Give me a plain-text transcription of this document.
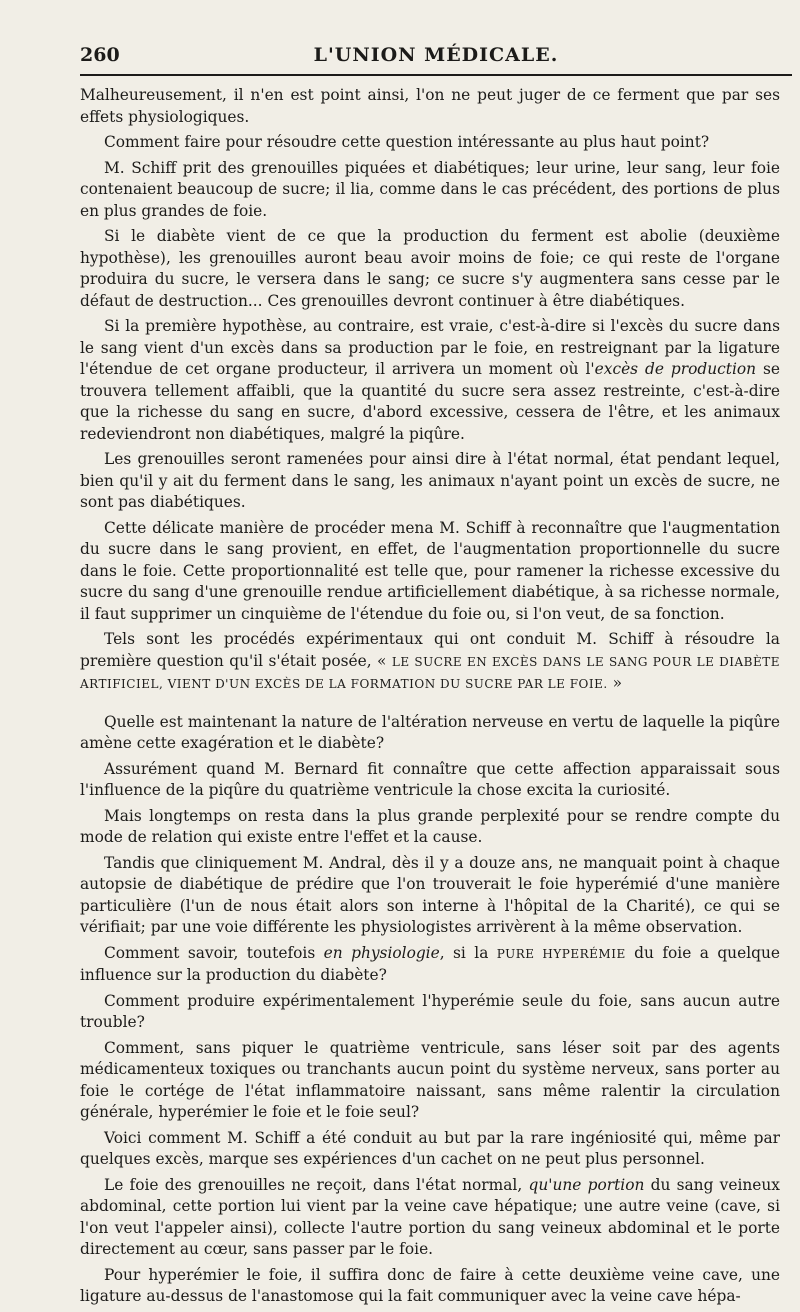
260	L'UNION MÉDICALE.

Malheureusement, il n'en est point ainsi, l'on ne peut juger de ce ferment que par ses effets physiologiques.

Comment faire pour résoudre cette question intéressante au plus haut point?

M. Schiff prit des grenouilles piquées et diabétiques; leur urine, leur sang, leur foie contenaient beaucoup de sucre; il lia, comme dans le cas précédent, des portions de plus en plus grandes de foie.

Si le diabète vient de ce que la production du ferment est abolie (deuxième hypothèse), les grenouilles auront beau avoir moins de foie; ce qui reste de l'organe produira du sucre, le versera dans le sang; ce sucre s'y augmentera sans cesse par le défaut de destruction... Ces grenouilles devront continuer à être diabétiques.

Si la première hypothèse, au contraire, est vraie, c'est-à-dire si l'excès du sucre dans le sang vient d'un excès dans sa production par le foie, en restreignant par la ligature l'étendue de cet organe producteur, il arrivera un moment où l'excès de production se trouvera tellement affaibli, que la quantité du sucre sera assez restreinte, c'est-à-dire que la richesse du sang en sucre, d'abord excessive, cessera de l'être, et les animaux redeviendront non diabétiques, malgré la piqûre.

Les grenouilles seront ramenées pour ainsi dire à l'état normal, état pendant lequel, bien qu'il y ait du ferment dans le sang, les animaux n'ayant point un excès de sucre, ne sont pas diabétiques.

Cette délicate manière de procéder mena M. Schiff à reconnaître que l'augmentation du sucre dans le sang provient, en effet, de l'augmentation proportionnelle du sucre dans le foie. Cette proportionnalité est telle que, pour ramener la richesse excessive du sucre du sang d'une grenouille rendue artificiellement diabétique, à sa richesse normale, il faut supprimer un cinquième de l'étendue du foie ou, si l'on veut, de sa fonction.

Tels sont les procédés expérimentaux qui ont conduit M. Schiff à résoudre la première question qu'il s'était posée, « LE SUCRE EN EXCÈS DANS LE SANG POUR LE DIABÈTE ARTIFICIEL, VIENT D'UN EXCÈS DE LA FORMATION DU SUCRE PAR LE FOIE. »

Quelle est maintenant la nature de l'altération nerveuse en vertu de laquelle la piqûre amène cette exagération et le diabète?

Assurément quand M. Bernard fit connaître que cette affection apparaissait sous l'influence de la piqûre du quatrième ventricule la chose excita la curiosité.

Mais longtemps on resta dans la plus grande perplexité pour se rendre compte du mode de relation qui existe entre l'effet et la cause.

Tandis que cliniquement M. Andral, dès il y a douze ans, ne manquait point à chaque autopsie de diabétique de prédire que l'on trouverait le foie hyperémié d'une manière particulière (l'un de nous était alors son interne à l'hôpital de la Charité), ce qui se vérifiait; par une voie différente les physiologistes arrivèrent à la même observation.

Comment savoir, toutefois en physiologie, si la PURE HYPERÉMIE du foie a quelque influence sur la production du diabète?

Comment produire expérimentalement l'hyperémie seule du foie, sans aucun autre trouble?

Comment, sans piquer le quatrième ventricule, sans léser soit par des agents médicamenteux toxiques ou tranchants aucun point du système nerveux, sans porter au foie le cortége de l'état inflammatoire naissant, sans même ralentir la circulation générale, hyperémier le foie et le foie seul?

Voici comment M. Schiff a été conduit au but par la rare ingéniosité qui, même par quelques excès, marque ses expériences d'un cachet on ne peut plus personnel.

Le foie des grenouilles ne reçoit, dans l'état normal, qu'une portion du sang veineux abdominal, cette portion lui vient par la veine cave hépatique; une autre veine (cave, si l'on veut l'appeler ainsi), collecte l'autre portion du sang veineux abdominal et le porte directement au cœur, sans passer par le foie.

Pour hyperémier le foie, il suffira donc de faire à cette deuxième veine cave, une ligature au-dessus de l'anastomose qui la fait communiquer avec la veine cave hépa-
